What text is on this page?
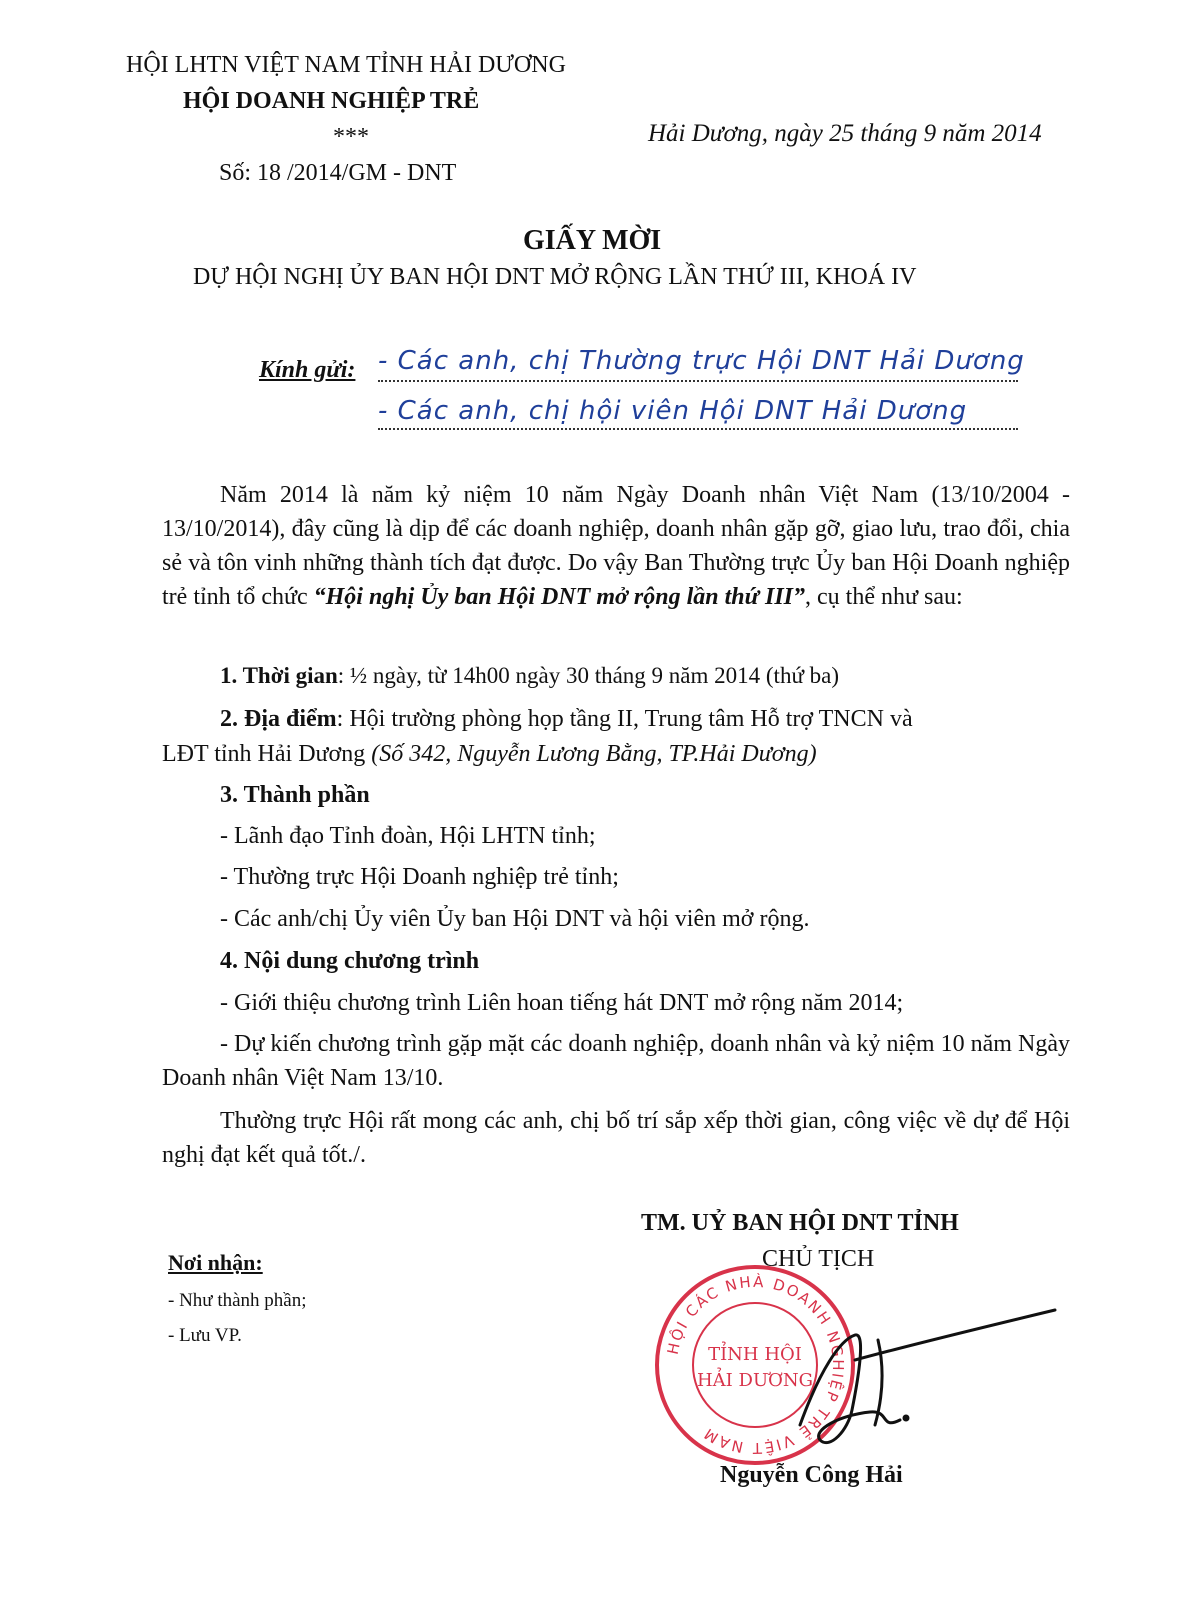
HỘI LHTN VIỆT NAM TỈNH HẢI DƯƠNG
HỘI DOANH NGHIỆP TRẺ
***
Số: 18 /2014/GM - DNT
Hải Dương, ngày 25 tháng 9 năm 2014
GIẤY MỜI
DỰ HỘI NGHỊ ỦY BAN HỘI DNT MỞ RỘNG LẦN THỨ III, KHOÁ IV
Kính gửi: - Các anh, chị Thường trực Hội DNT Hải Dương
- Các anh, chị hội viên Hội DNT Hải Dương
Năm 2014 là năm kỷ niệm 10 năm Ngày Doanh nhân Việt Nam (13/10/2004 - 13/10/2014), đây cũng là dịp để các doanh nghiệp, doanh nhân gặp gỡ, giao lưu, trao đổi, chia sẻ và tôn vinh những thành tích đạt được. Do vậy Ban Thường trực Ủy ban Hội Doanh nghiệp trẻ tỉnh tổ chức “Hội nghị Ủy ban Hội DNT mở rộng lần thứ III”, cụ thể như sau:
1. Thời gian: ½ ngày, từ 14h00 ngày 30 tháng 9 năm 2014 (thứ ba)
2. Địa điểm: Hội trường phòng họp tầng II, Trung tâm Hỗ trợ TNCN và
LĐT tỉnh Hải Dương (Số 342, Nguyễn Lương Bằng, TP.Hải Dương)
3. Thành phần
- Lãnh đạo Tỉnh đoàn, Hội LHTN tỉnh;
- Thường trực Hội Doanh nghiệp trẻ tỉnh;
- Các anh/chị Ủy viên Ủy ban Hội DNT và hội viên mở rộng.
4. Nội dung chương trình
- Giới thiệu chương trình Liên hoan tiếng hát DNT mở rộng năm 2014;
- Dự kiến chương trình gặp mặt các doanh nghiệp, doanh nhân và kỷ niệm 10 năm Ngày Doanh nhân Việt Nam 13/10.
Thường trực Hội rất mong các anh, chị bố trí sắp xếp thời gian, công việc về dự để Hội nghị đạt kết quả tốt./.
TM. UỶ BAN HỘI DNT TỈNH
CHỦ TỊCH
HỘI CÁC NHÀ DOANH NGHIỆP TRẺ VIỆT NAM
TỈNH HỘI
HẢI DƯƠNG
Nguyễn Công Hải
Nơi nhận:
- Như thành phần;
- Lưu VP.
